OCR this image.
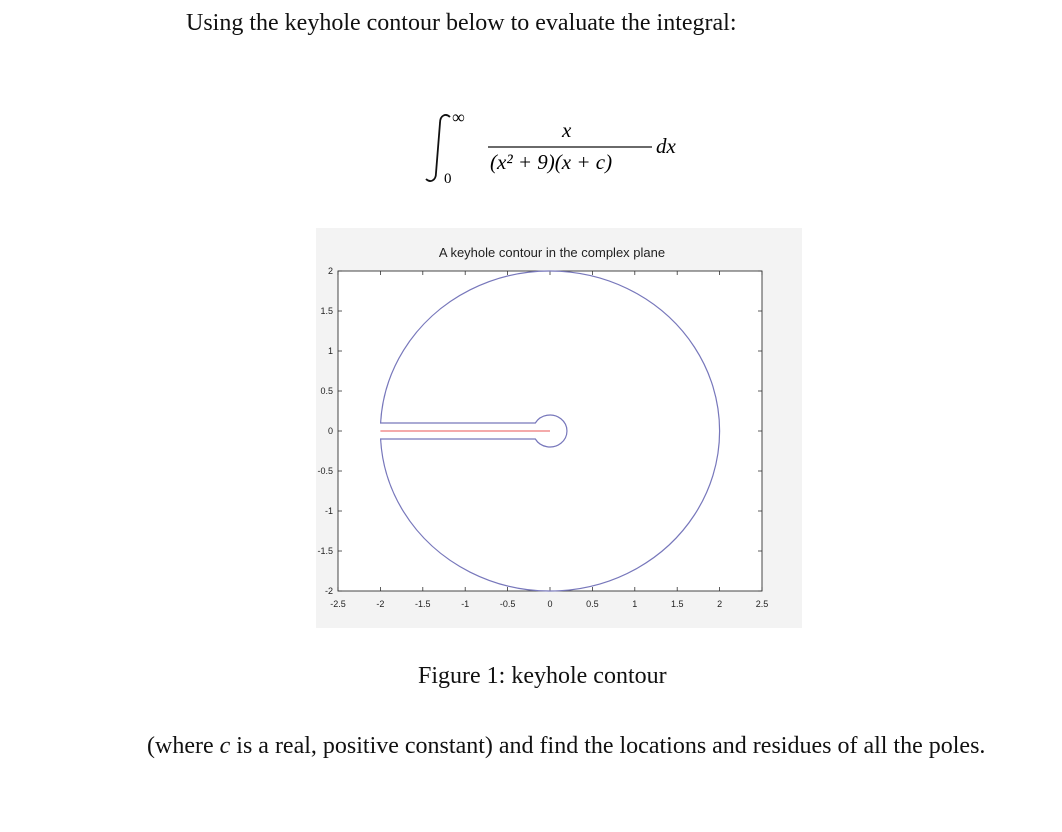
Using the keyhole contour below to evaluate the integral:
∞
0
x
(x² + 9)(x + c)
dx
A keyhole contour in the complex plane
-2.5	-2	-1.5	-1	-0.5	0	0.5	1	1.5	2	2.5
2
1.5
1
0.5
0
-0.5
-1
-1.5
-2
Figure 1: keyhole contour
(where c is a real, positive constant) and find the locations and residues of all the poles.
